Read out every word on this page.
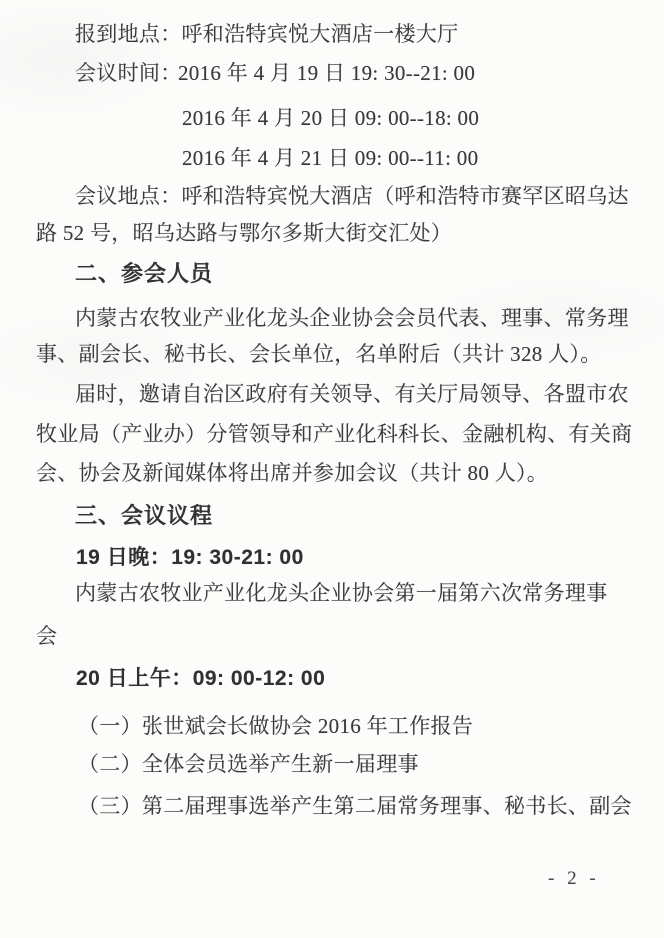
报到地点：呼和浩特宾悦大酒店一楼大厅
会议时间：
2016 年 4 月 19 日 19: 30--21: 00
2016 年 4 月 20 日 09: 00--18: 00
2016 年 4 月 21 日 09: 00--11: 00
会议地点：呼和浩特宾悦大酒店（呼和浩特市赛罕区昭乌达
路 52 号，昭乌达路与鄂尔多斯大街交汇处）
二、参会人员
内蒙古农牧业产业化龙头企业协会会员代表、理事、常务理
事、副会长、秘书长、会长单位，名单附后（共计 328 人）。
届时，邀请自治区政府有关领导、有关厅局领导、各盟市农
牧业局（产业办）分管领导和产业化科科长、金融机构、有关商
会、协会及新闻媒体将出席并参加会议（共计 80 人）。
三、会议议程
19 日晚：19: 30-21: 00
内蒙古农牧业产业化龙头企业协会第一届第六次常务理事
会
20 日上午：09: 00-12: 00
（一）张世斌会长做协会 2016 年工作报告
（二）全体会员选举产生新一届理事
（三）第二届理事选举产生第二届常务理事、秘书长、副会
- 2 -
